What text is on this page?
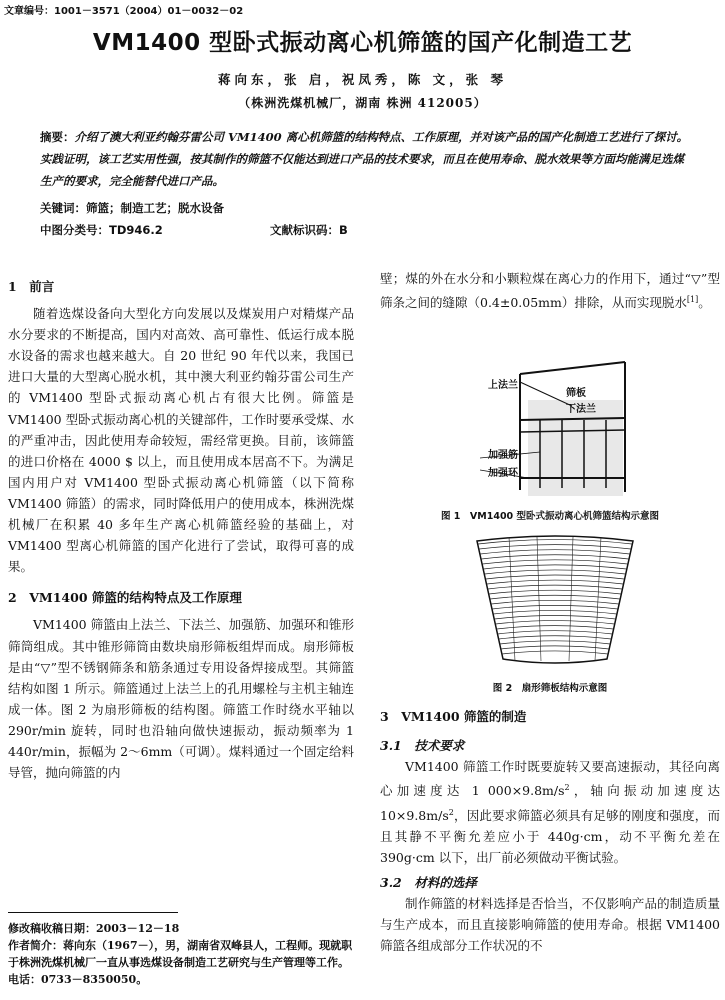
文章编号：1001－3571（2004）01－0032－02
VM1400 型卧式振动离心机筛篮的国产化制造工艺
蒋向东，张 启，祝凤秀，陈 文，张 琴
（株洲洗煤机械厂，湖南 株洲 412005）
摘要：介绍了澳大利亚约翰芬雷公司 VM1400 离心机筛篮的结构特点、工作原理，并对该产品的国产化制造工艺进行了探讨。实践证明，该工艺实用性强，按其制作的筛篮不仅能达到进口产品的技术要求，而且在使用寿命、脱水效果等方面均能满足选煤生产的要求，完全能替代进口产品。
关键词：筛篮；制造工艺；脱水设备
中图分类号：TD946.2	文献标识码：B
1　前言
随着选煤设备向大型化方向发展以及煤炭用户对精煤产品水分要求的不断提高，国内对高效、高可靠性、低运行成本脱水设备的需求也越来越大。自 20 世纪 90 年代以来，我国已进口大量的大型离心脱水机，其中澳大利亚约翰芬雷公司生产的 VM1400 型卧式振动离心机占有很大比例。筛篮是 VM1400 型卧式振动离心机的关键部件，工作时要承受煤、水的严重冲击，因此使用寿命较短，需经常更换。目前，该筛篮的进口价格在 4000 $ 以上，而且使用成本居高不下。为满足国内用户对 VM1400 型卧式振动离心机筛篮（以下简称 VM1400 筛篮）的需求，同时降低用户的使用成本，株洲洗煤机械厂在积累 40 多年生产离心机筛篮经验的基础上，对 VM1400 型离心机筛篮的国产化进行了尝试，取得可喜的成果。
2　VM1400 筛篮的结构特点及工作原理
VM1400 筛篮由上法兰、下法兰、加强筋、加强环和锥形筛筒组成。其中锥形筛筒由数块扇形筛板组焊而成。扇形筛板是由“▽”型不锈钢筛条和筋条通过专用设备焊接成型。其筛篮结构如图 1 所示。筛篮通过上法兰上的孔用螺栓与主机主轴连成一体。图 2 为扇形筛板的结构图。筛篮工作时绕水平轴以 290r/min 旋转，同时也沿轴向做快速振动，振动频率为 1 440r/min，振幅为 2～6mm（可调）。煤料通过一个固定给料导管，抛向筛篮的内
修改稿收稿日期：2003－12－18
作者简介：蒋向东（1967－），男，湖南省双峰县人，工程师。现就职于株洲洗煤机械厂一直从事选煤设备制造工艺研究与生产管理等工作。电话：0733－8350050。
壁；煤的外在水分和小颗粒煤在离心力的作用下，通过“▽”型筛条之间的缝隙（0.4±0.05mm）排除，从而实现脱水[1]。
上法兰
筛板
下法兰
加强筋
加强环
图 1　VM1400 型卧式振动离心机筛篮结构示意图
图 2　扇形筛板结构示意图
3　VM1400 筛篮的制造
3.1　技术要求
VM1400 筛篮工作时既要旋转又要高速振动，其径向离心加速度达 1 $000\times 9.8m/s^2$，轴向振动加速度达 $10\times 9.8m/s^2$，因此要求筛篮必须具有足够的刚度和强度，而且其静不平衡允差应小于 440g·cm，动不平衡允差在 390g·cm 以下，出厂前必须做动平衡试验。
3.2　材料的选择
制作筛篮的材料选择是否恰当，不仅影响产品的制造质量与生产成本，而且直接影响筛篮的使用寿命。根据 VM1400 筛篮各组成部分工作状况的不
